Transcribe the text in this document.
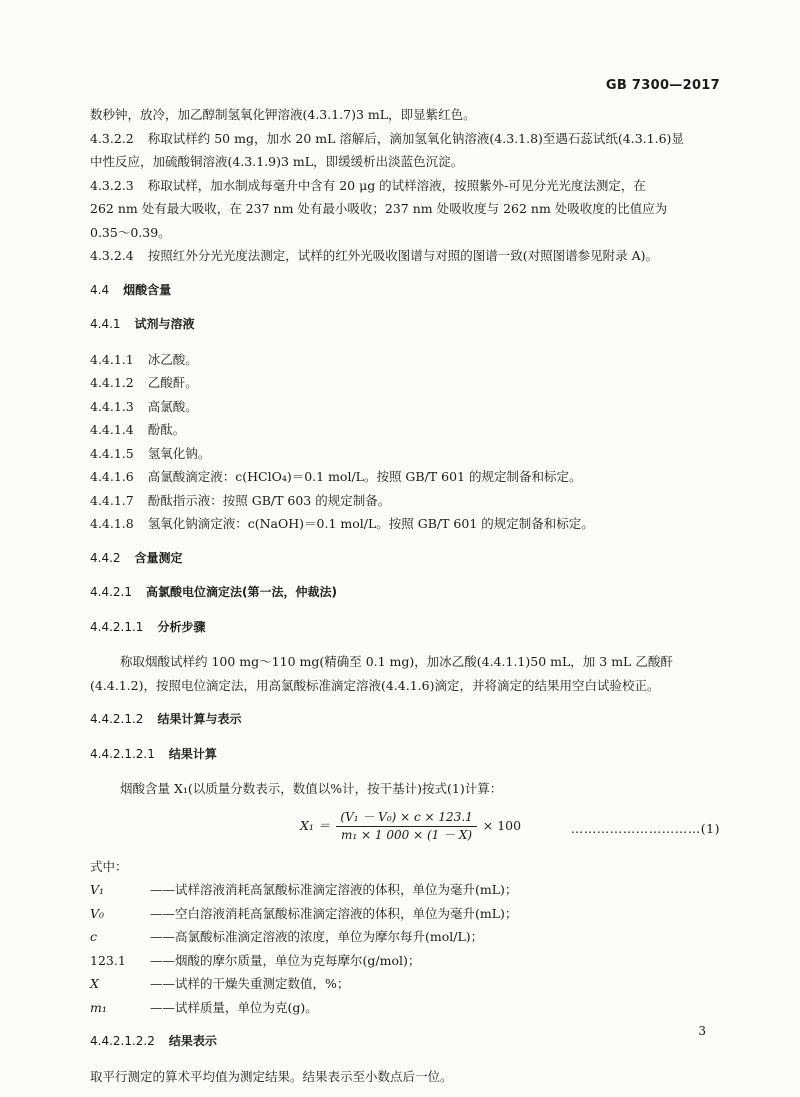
GB 7300—2017

数秒钟，放冷，加乙醇制氢氧化钾溶液(4.3.1.7)3 mL，即显紫红色。

4.3.2.2 称取试样约 50 mg，加水 20 mL 溶解后，滴加氢氧化钠溶液(4.3.1.8)至遇石蕊试纸(4.3.1.6)显

中性反应，加硫酸铜溶液(4.3.1.9)3 mL，即缓缓析出淡蓝色沉淀。

4.3.2.3 称取试样，加水制成每毫升中含有 20 μg 的试样溶液，按照紫外-可见分光光度法测定，在

262 nm 处有最大吸收，在 237 nm 处有最小吸收；237 nm 处吸收度与 262 nm 处吸收度的比值应为

0.35～0.39。

4.3.2.4 按照红外分光光度法测定，试样的红外光吸收图谱与对照的图谱一致(对照图谱参见附录 A)。

4.4 烟酸含量

4.4.1 试剂与溶液

4.4.1.1 冰乙酸。

4.4.1.2 乙酸酐。

4.4.1.3 高氯酸。

4.4.1.4 酚酞。

4.4.1.5 氢氧化钠。

4.4.1.6 高氯酸滴定液：c(HClO₄)＝0.1 mol/L。按照 GB/T 601 的规定制备和标定。

4.4.1.7 酚酞指示液：按照 GB/T 603 的规定制备。

4.4.1.8 氢氧化钠滴定液：c(NaOH)＝0.1 mol/L。按照 GB/T 601 的规定制备和标定。

4.4.2 含量测定

4.4.2.1 高氯酸电位滴定法(第一法，仲裁法)

4.4.2.1.1 分析步骤

称取烟酸试样约 100 mg～110 mg(精确至 0.1 mg)，加冰乙酸(4.4.1.1)50 mL，加 3 mL 乙酸酐

(4.4.1.2)，按照电位滴定法，用高氯酸标准滴定溶液(4.4.1.6)滴定，并将滴定的结果用空白试验校正。

4.4.2.1.2 结果计算与表示

4.4.2.1.2.1 结果计算

烟酸含量 X₁(以质量分数表示，数值以%计，按干基计)按式(1)计算：

$X_1 = \frac{\text{(V₁ － V₀) × c × 123.1}}{\text{m₁ × 1 000 × (1 － X)}} \times 100$	…………………………(1)

式中：

V₁	——试样溶液消耗高氯酸标准滴定溶液的体积，单位为毫升(mL)；
V₀	——空白溶液消耗高氯酸标准滴定溶液的体积，单位为毫升(mL)；
c	——高氯酸标准滴定溶液的浓度，单位为摩尔每升(mol/L)；
123.1	——烟酸的摩尔质量，单位为克每摩尔(g/mol)；
X	——试样的干燥失重测定数值，%；
m₁	——试样质量，单位为克(g)。

4.4.2.1.2.2 结果表示

取平行测定的算术平均值为测定结果。结果表示至小数点后一位。

3
